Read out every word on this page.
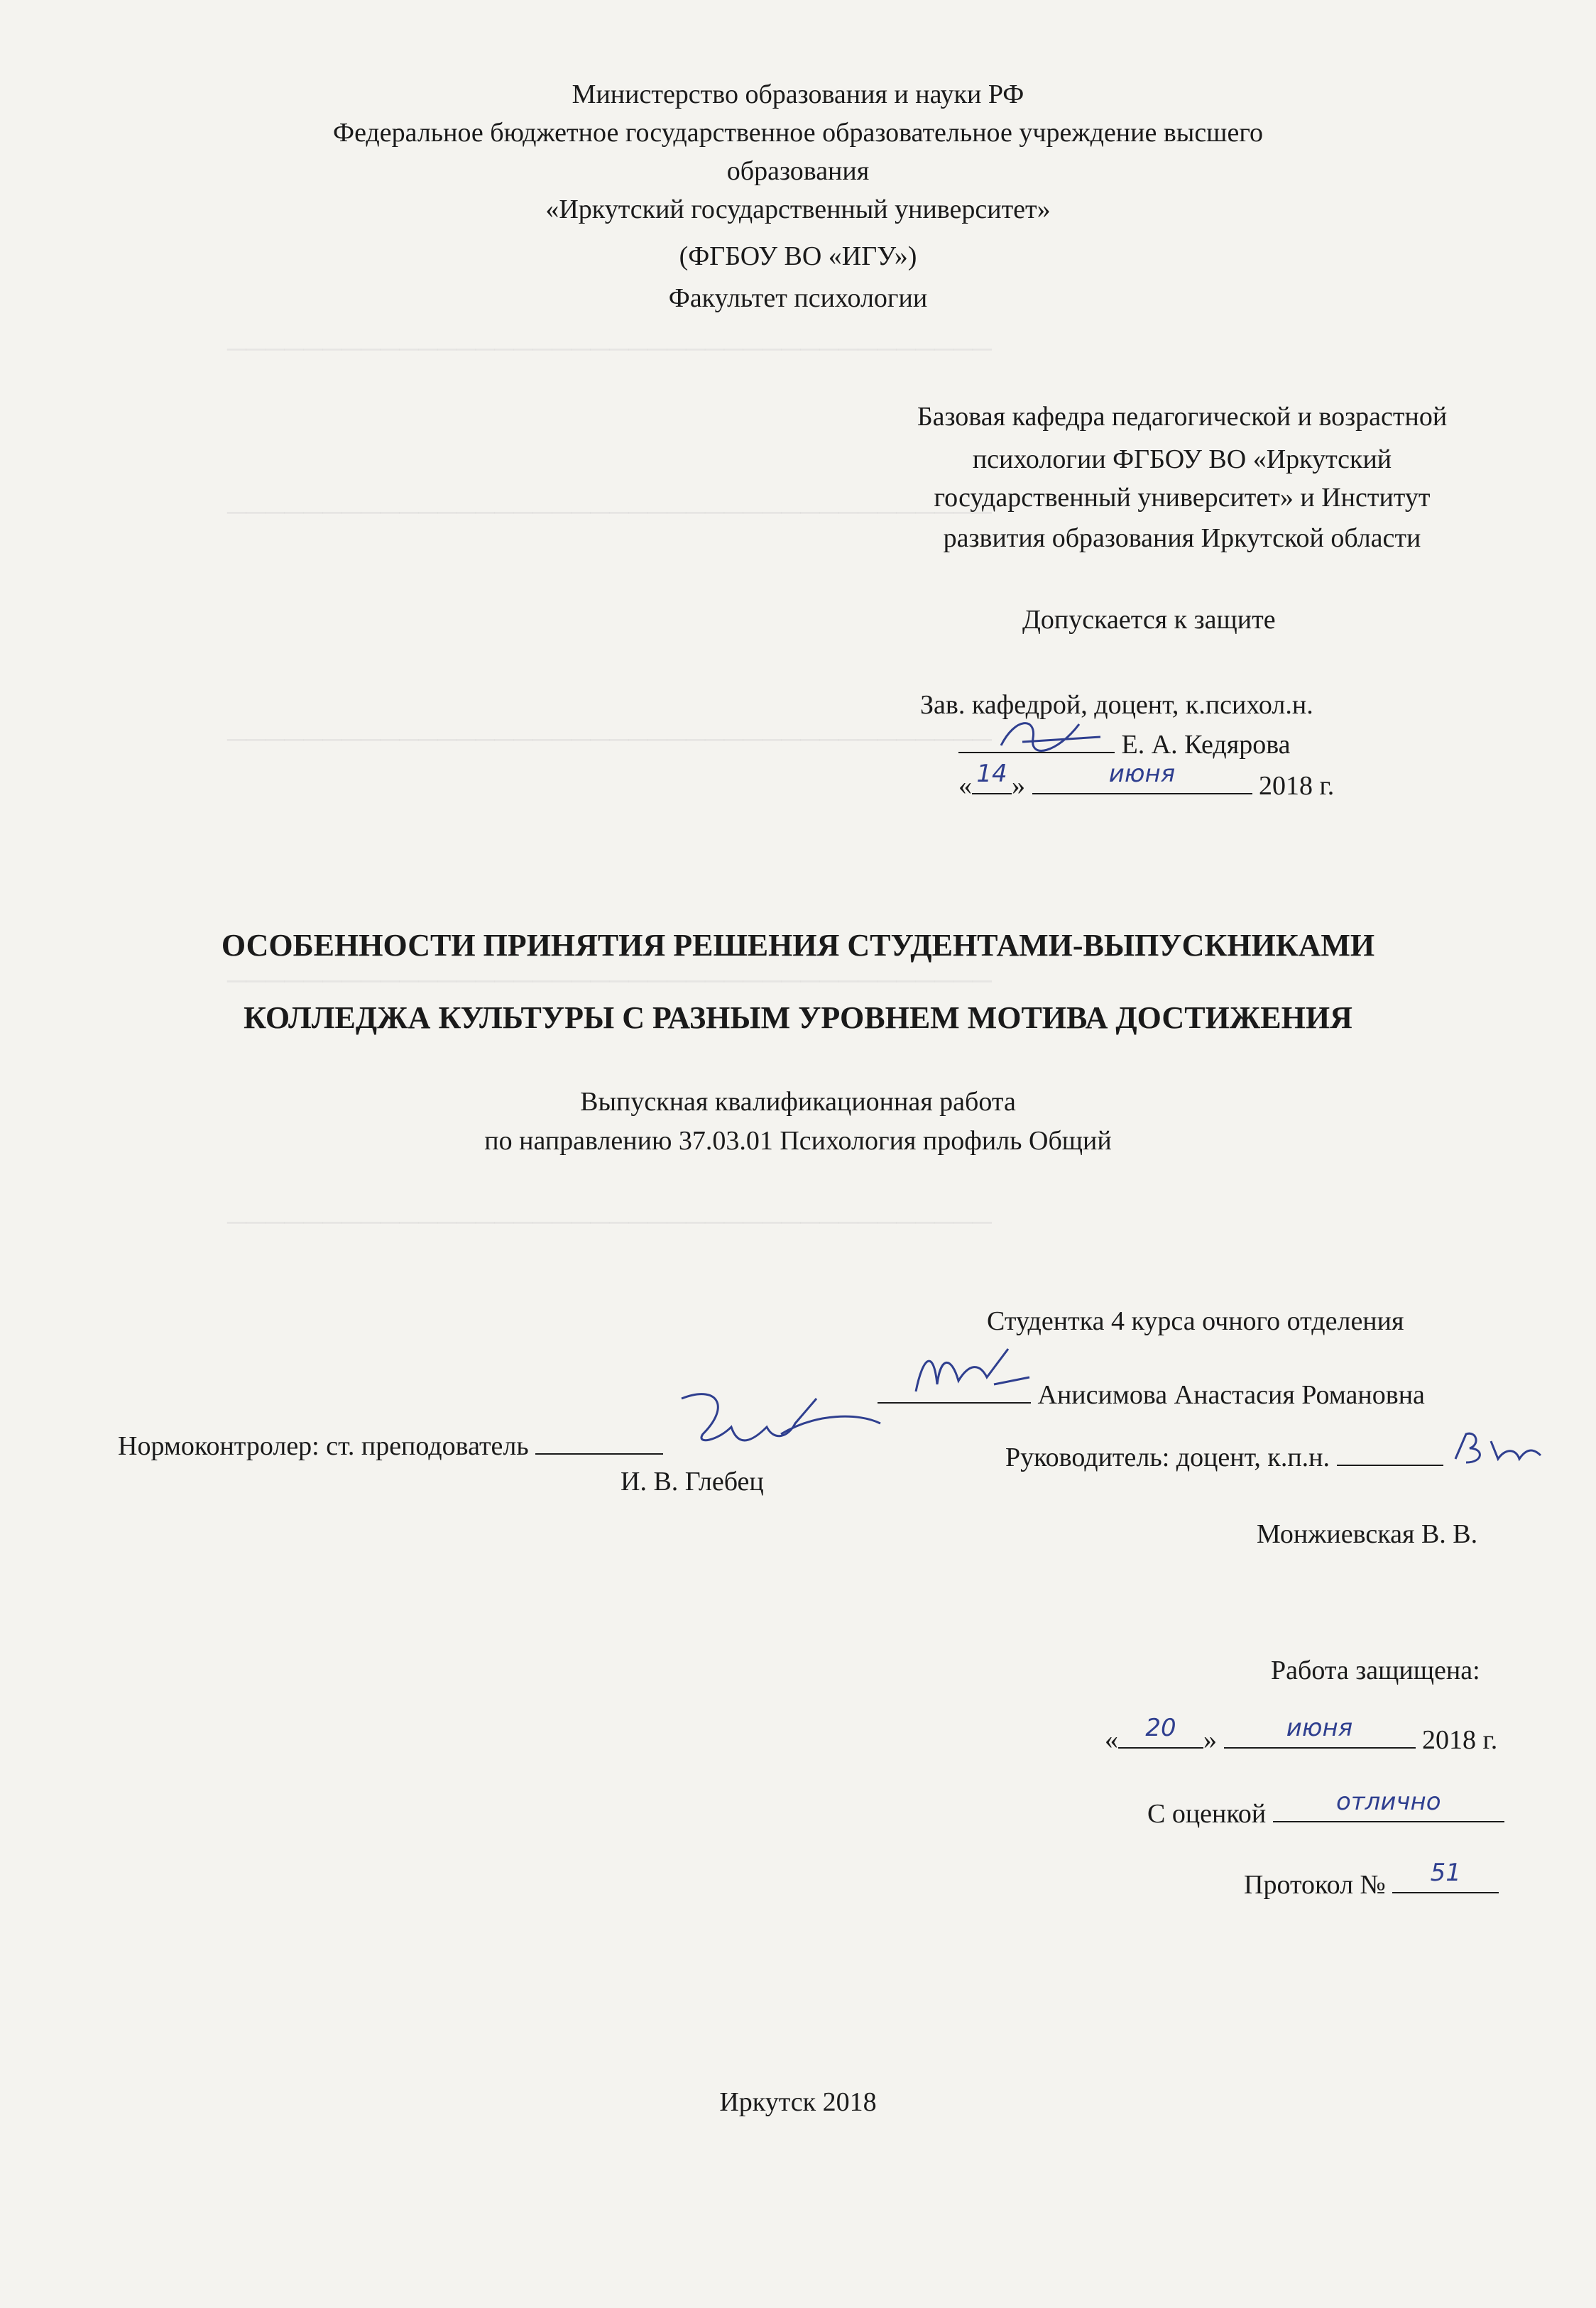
────────────────────────────────────────
────────────────────────────────────────
────────────────────────────────────────
────────────────────────────────────────
────────────────────────────────────────
Министерство образования и науки РФ
Федеральное бюджетное государственное образовательное учреждение высшего
образования
«Иркутский государственный университет»
(ФГБОУ ВО «ИГУ»)
Факультет психологии
Базовая кафедра педагогической и возрастной
психологии ФГБОУ ВО «Иркутский
государственный университет» и Институт
развития образования Иркутской области
Допускается к защите
Зав. кафедрой, доцент, к.психол.н.
Е. А. Кедярова
« 14 »	июня	2018 г.
ОСОБЕННОСТИ ПРИНЯТИЯ РЕШЕНИЯ СТУДЕНТАМИ-ВЫПУСКНИКАМИ
КОЛЛЕДЖА КУЛЬТУРЫ С РАЗНЫМ УРОВНЕМ МОТИВА ДОСТИЖЕНИЯ
Выпускная квалификационная работа
по направлению 37.03.01 Психология профиль Общий
Студентка 4 курса очного отделения
Анисимова Анастасия Романовна
Нормоконтролер: ст. преподователь
И. В. Глебец
Руководитель: доцент, к.п.н.
Монжиевская В. В.
Работа защищена:
«	20	»	июня	2018 г.
С оценкой	отлично
Протокол №	51
Иркутск 2018
